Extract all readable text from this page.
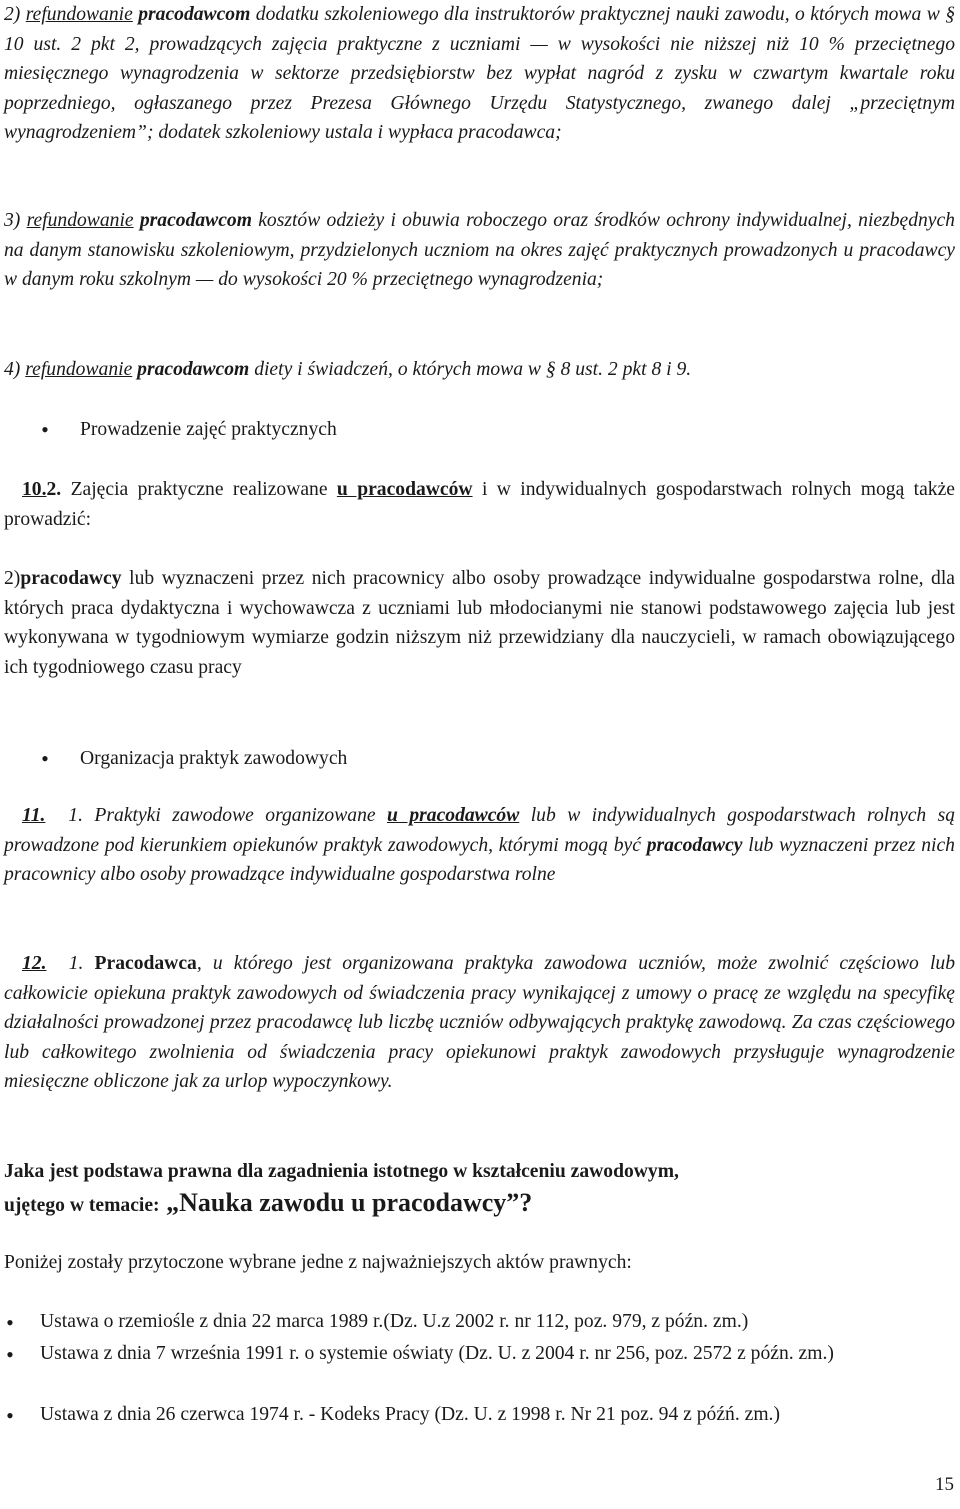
2) refundowanie pracodawcom dodatku szkoleniowego dla instruktorów praktycznej nauki zawodu, o których mowa w § 10 ust. 2 pkt 2, prowadzących zajęcia praktyczne z uczniami — w wysokości nie niższej niż 10 % przeciętnego miesięcznego wynagrodzenia w sektorze przedsiębiorstw bez wypłat nagród z zysku w czwartym kwartale roku poprzedniego, ogłaszanego przez Prezesa Głównego Urzędu Statystycznego, zwanego dalej „przeciętnym wynagrodzeniem”; dodatek szkoleniowy ustala i wypłaca pracodawca;

3) refundowanie pracodawcom kosztów odzieży i obuwia roboczego oraz środków ochrony indywidualnej, niezbędnych na danym stanowisku szkoleniowym, przydzielonych uczniom na okres zajęć praktycznych prowadzonych u pracodawcy w danym roku szkolnym — do wysokości 20 % przeciętnego wynagrodzenia;

4) refundowanie pracodawcom diety i świadczeń, o których mowa w § 8 ust. 2 pkt 8 i 9.

• Prowadzenie zajęć praktycznych

10.2. Zajęcia praktyczne realizowane u pracodawców i w indywidualnych gospodarstwach rolnych mogą także prowadzić:

2)pracodawcy lub wyznaczeni przez nich pracownicy albo osoby prowadzące indywidualne gospodarstwa rolne, dla których praca dydaktyczna i wychowawcza z uczniami lub młodocianymi nie stanowi podstawowego zajęcia lub jest wykonywana w tygodniowym wymiarze godzin niższym niż przewidziany dla nauczycieli, w ramach obowiązującego ich tygodniowego czasu pracy

• Organizacja praktyk zawodowych

11. 1. Praktyki zawodowe organizowane u pracodawców lub w indywidualnych gospodarstwach rolnych są prowadzone pod kierunkiem opiekunów praktyk zawodowych, którymi mogą być pracodawcy lub wyznaczeni przez nich pracownicy albo osoby prowadzące indywidualne gospodarstwa rolne

12. 1. Pracodawca, u którego jest organizowana praktyka zawodowa uczniów, może zwolnić częściowo lub całkowicie opiekuna praktyk zawodowych od świadczenia pracy wynikającej z umowy o pracę ze względu na specyfikę działalności prowadzonej przez pracodawcę lub liczbę uczniów odbywających praktykę zawodową. Za czas częściowego lub całkowitego zwolnienia od świadczenia pracy opiekunowi praktyk zawodowych przysługuje wynagrodzenie miesięczne obliczone jak za urlop wypoczynkowy.

Jaka jest podstawa prawna dla zagadnienia istotnego w kształceniu zawodowym,
ujętego w temacie: „Nauka zawodu u pracodawcy”?

Poniżej zostały przytoczone wybrane jedne z najważniejszych aktów prawnych:

• Ustawa o rzemiośle z dnia 22 marca 1989 r.(Dz. U.z 2002 r. nr 112, poz. 979, z późn. zm.)
• Ustawa z dnia 7 września 1991 r. o systemie oświaty (Dz. U. z 2004 r. nr 256, poz. 2572 z późn. zm.)
• Ustawa z dnia 26 czerwca 1974 r. - Kodeks Pracy (Dz. U. z 1998 r. Nr 21 poz. 94 z późń. zm.)
15
